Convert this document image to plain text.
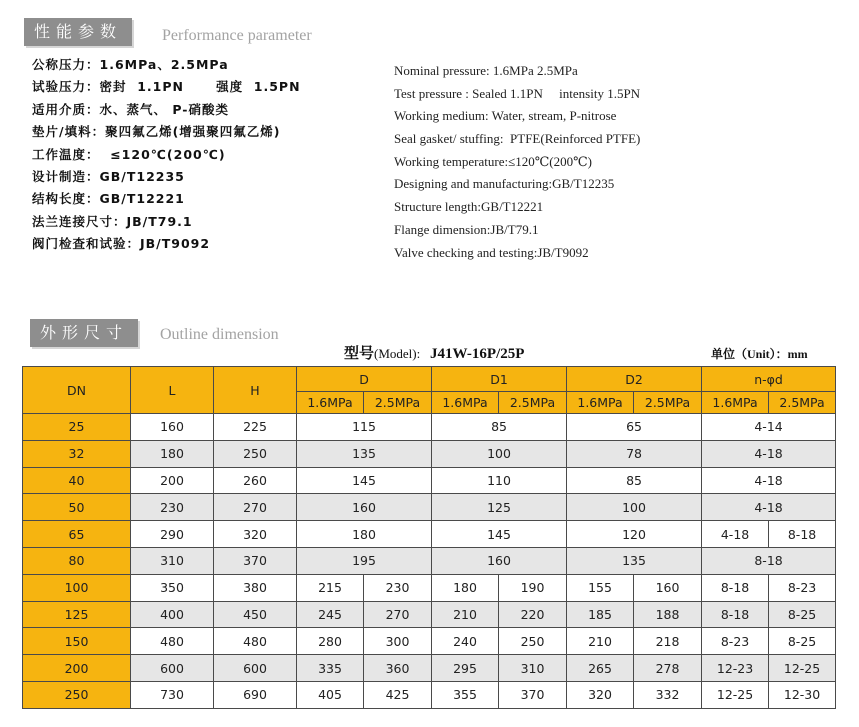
性能参数	Performance parameter
公称压力：1.6MPa、2.5MPa
试验压力：密封  1.1PN      强度  1.5PN
适用介质：水、蒸气、 P-硝酸类
垫片/填料：聚四氟乙烯(增强聚四氟乙烯)
工作温度：  ≤120℃(200℃)
设计制造：GB/T12235
结构长度：GB/T12221
法兰连接尺寸：JB/T79.1
阀门检查和试验：JB/T9092
Nominal pressure: 1.6MPa 2.5MPa
Test pressure : Sealed 1.1PN     intensity 1.5PN
Working medium: Water, stream, P-nitrose
Seal gasket/ stuffing:  PTFE(Reinforced PTFE)
Working temperature:≤120℃(200℃)
Designing and manufacturing:GB/T12235
Structure length:GB/T12221
Flange dimension:JB/T79.1
Valve checking and testing:JB/T9092
外形尺寸	Outline dimension
型号(Model): J41W-16P/25P	单位（Unit）：mm
DN	L	H	D		D1		D2		n-φd	
			1.6MPa	2.5MPa	1.6MPa	2.5MPa	1.6MPa	2.5MPa	1.6MPa	2.5MPa
25	160	225	115		85		65		4-14	
32	180	250	135		100		78		4-18	
40	200	260	145		110		85		4-18	
50	230	270	160		125		100		4-18	
65	290	320	180		145		120		4-18	8-18
80	310	370	195		160		135		8-18	
100	350	380	215	230	180	190	155	160	8-18	8-23
125	400	450	245	270	210	220	185	188	8-18	8-25
150	480	480	280	300	240	250	210	218	8-23	8-25
200	600	600	335	360	295	310	265	278	12-23	12-25
250	730	690	405	425	355	370	320	332	12-25	12-30
